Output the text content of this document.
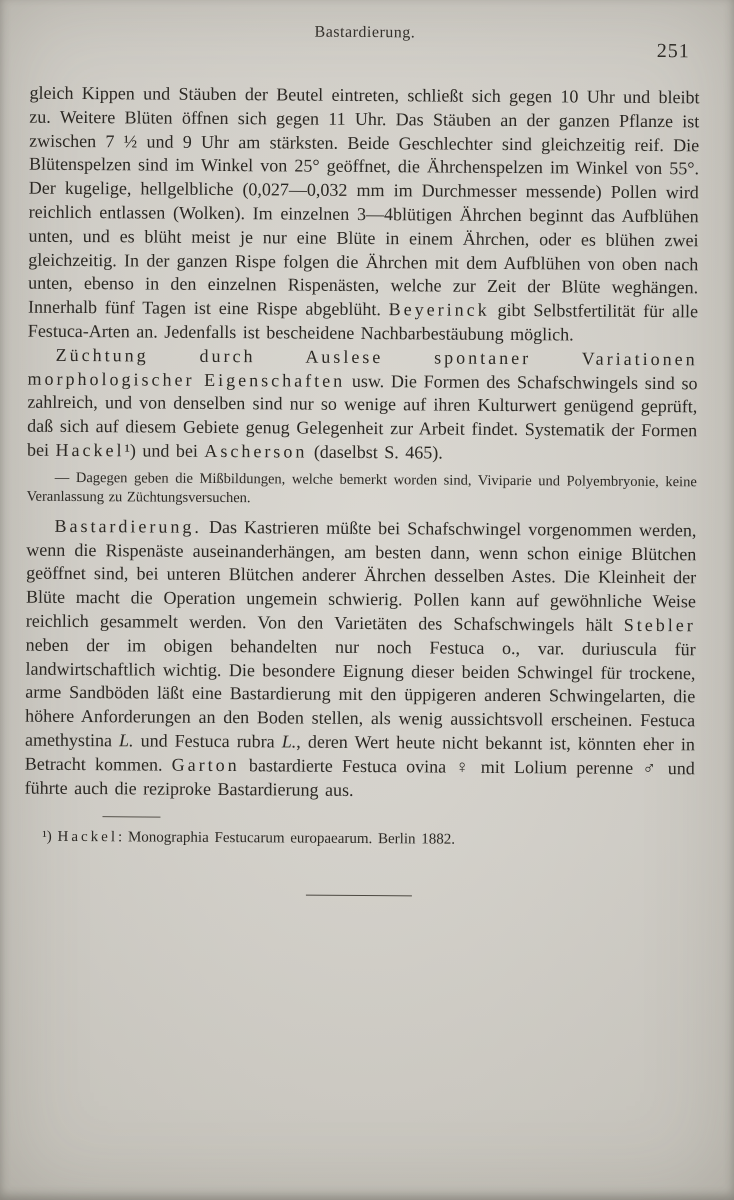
Bastardierung.
251

gleich Kippen und Stäuben der Beutel eintreten, schließt sich gegen 10 Uhr und bleibt zu. Weitere Blüten öffnen sich gegen 11 Uhr. Das Stäuben an der ganzen Pflanze ist zwischen 7 ½ und 9 Uhr am stärksten. Beide Geschlechter sind gleichzeitig reif. Die Blütenspelzen sind im Winkel von 25° geöffnet, die Ährchenspelzen im Winkel von 55°. Der kugelige, hellgelbliche (0,027—0,032 mm im Durchmesser messende) Pollen wird reichlich entlassen (Wolken). Im einzelnen 3—4blütigen Ährchen beginnt das Aufblühen unten, und es blüht meist je nur eine Blüte in einem Ährchen, oder es blühen zwei gleichzeitig. In der ganzen Rispe folgen die Ährchen mit dem Aufblühen von oben nach unten, ebenso in den einzelnen Rispenästen, welche zur Zeit der Blüte weghängen. Innerhalb fünf Tagen ist eine Rispe abgeblüht. Beyerinck gibt Selbstfertilität für alle Festuca-Arten an. Jedenfalls ist bescheidene Nachbarbestäubung möglich.

Züchtung durch Auslese spontaner Variationen morphologischer Eigenschaften usw. Die Formen des Schafschwingels sind so zahlreich, und von denselben sind nur so wenige auf ihren Kulturwert genügend geprüft, daß sich auf diesem Gebiete genug Gelegenheit zur Arbeit findet. Systematik der Formen bei Hackel¹) und bei Ascherson (daselbst S. 465).

— Dagegen geben die Mißbildungen, welche bemerkt worden sind, Viviparie und Polyembryonie, keine Veranlassung zu Züchtungsversuchen.

Bastardierung. Das Kastrieren müßte bei Schafschwingel vorgenommen werden, wenn die Rispenäste auseinanderhängen, am besten dann, wenn schon einige Blütchen geöffnet sind, bei unteren Blütchen anderer Ährchen desselben Astes. Die Kleinheit der Blüte macht die Operation ungemein schwierig. Pollen kann auf gewöhnliche Weise reichlich gesammelt werden. Von den Varietäten des Schafschwingels hält Stebler neben der im obigen behandelten nur noch Festuca o., var. duriuscula für landwirtschaftlich wichtig. Die besondere Eignung dieser beiden Schwingel für trockene, arme Sandböden läßt eine Bastardierung mit den üppigeren anderen Schwingelarten, die höhere Anforderungen an den Boden stellen, als wenig aussichtsvoll erscheinen. Festuca amethystina L. und Festuca rubra L., deren Wert heute nicht bekannt ist, könnten eher in Betracht kommen. Garton bastardierte Festuca ovina ♀ mit Lolium perenne ♂ und führte auch die reziproke Bastardierung aus.

¹) Hackel: Monographia Festucarum europaearum. Berlin 1882.
